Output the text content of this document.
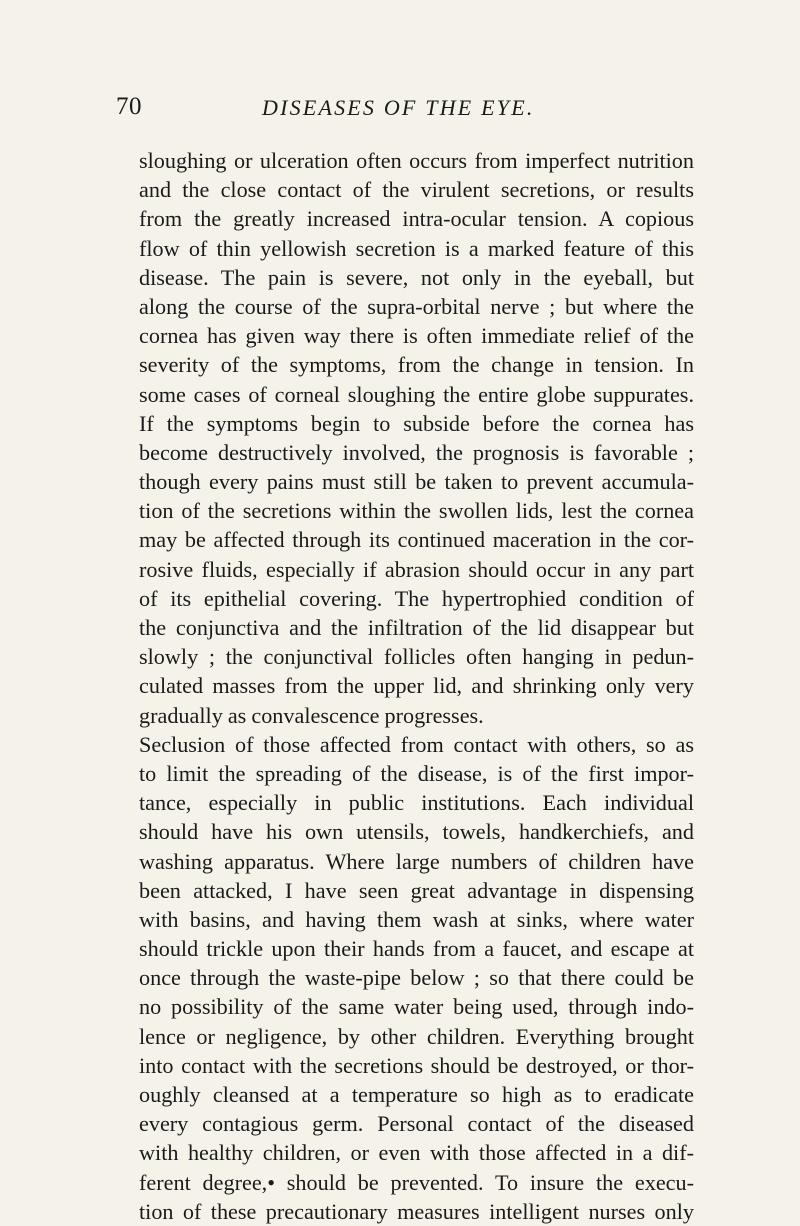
70	DISEASES OF THE EYE.
sloughing or ulceration often occurs from imperfect nutrition
and the close contact of the virulent secretions, or results
from the greatly increased intra-ocular tension. A copious
flow of thin yellowish secretion is a marked feature of this
disease. The pain is severe, not only in the eyeball, but
along the course of the supra-orbital nerve ; but where the
cornea has given way there is often immediate relief of the
severity of the symptoms, from the change in tension. In
some cases of corneal sloughing the entire globe suppurates.
If the symptoms begin to subside before the cornea has
become destructively involved, the prognosis is favorable ;
though every pains must still be taken to prevent accumula-
tion of the secretions within the swollen lids, lest the cornea
may be affected through its continued maceration in the cor-
rosive fluids, especially if abrasion should occur in any part
of its epithelial covering. The hypertrophied condition of
the conjunctiva and the infiltration of the lid disappear but
slowly ; the conjunctival follicles often hanging in pedun-
culated masses from the upper lid, and shrinking only very
gradually as convalescence progresses.
Seclusion of those affected from contact with others, so as
to limit the spreading of the disease, is of the first impor-
tance, especially in public institutions. Each individual
should have his own utensils, towels, handkerchiefs, and
washing apparatus. Where large numbers of children have
been attacked, I have seen great advantage in dispensing
with basins, and having them wash at sinks, where water
should trickle upon their hands from a faucet, and escape at
once through the waste-pipe below ; so that there could be
no possibility of the same water being used, through indo-
lence or negligence, by other children. Everything brought
into contact with the secretions should be destroyed, or thor-
oughly cleansed at a temperature so high as to eradicate
every contagious germ. Personal contact of the diseased
with healthy children, or even with those affected in a dif-
ferent degree,• should be prevented. To insure the execu-
tion of these precautionary measures intelligent nurses only
